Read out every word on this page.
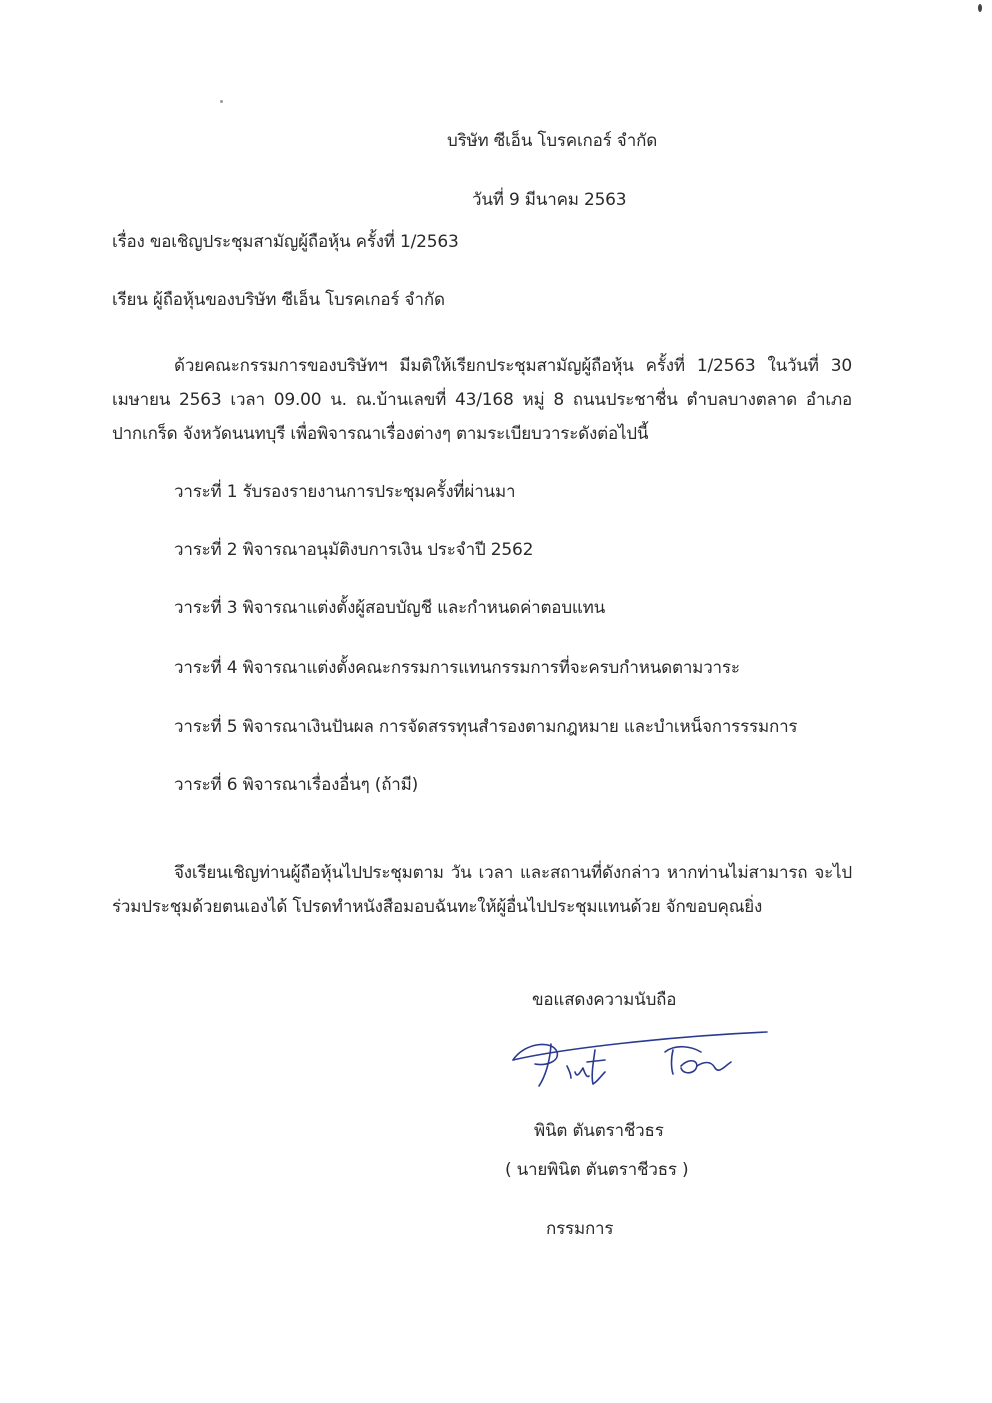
บริษัท ซีเอ็น โบรคเกอร์ จำกัด
วันที่ 9 มีนาคม 2563
เรื่อง ขอเชิญประชุมสามัญผู้ถือหุ้น ครั้งที่ 1/2563
เรียน ผู้ถือหุ้นของบริษัท ซีเอ็น โบรคเกอร์ จำกัด
ด้วยคณะกรรมการของบริษัทฯ มีมติให้เรียกประชุมสามัญผู้ถือหุ้น ครั้งที่ 1/2563 ในวันที่ 30 เมษายน 2563 เวลา 09.00 น. ณ.บ้านเลขที่ 43/168 หมู่ 8 ถนนประชาชื่น ตำบลบางตลาด อำเภอปากเกร็ด จังหวัดนนทบุรี เพื่อพิจารณาเรื่องต่างๆ ตามระเบียบวาระดังต่อไปนี้
วาระที่ 1 รับรองรายงานการประชุมครั้งที่ผ่านมา
วาระที่ 2 พิจารณาอนุมัติงบการเงิน ประจำปี 2562
วาระที่ 3 พิจารณาแต่งตั้งผู้สอบบัญชี และกำหนดค่าตอบแทน
วาระที่ 4 พิจารณาแต่งตั้งคณะกรรมการแทนกรรมการที่จะครบกำหนดตามวาระ
วาระที่ 5 พิจารณาเงินปันผล การจัดสรรทุนสำรองตามกฎหมาย และบำเหน็จการรรมการ
วาระที่ 6 พิจารณาเรื่องอื่นๆ (ถ้ามี)
จึงเรียนเชิญท่านผู้ถือหุ้นไปประชุมตาม วัน เวลา และสถานที่ดังกล่าว หากท่านไม่สามารถ จะไปร่วมประชุมด้วยตนเองได้ โปรดทำหนังสือมอบฉันทะให้ผู้อื่นไปประชุมแทนด้วย จักขอบคุณยิ่ง
ขอแสดงความนับถือ
พินิต ตันตราชีวธร
( นายพินิต ตันตราชีวธร )
กรรมการ
